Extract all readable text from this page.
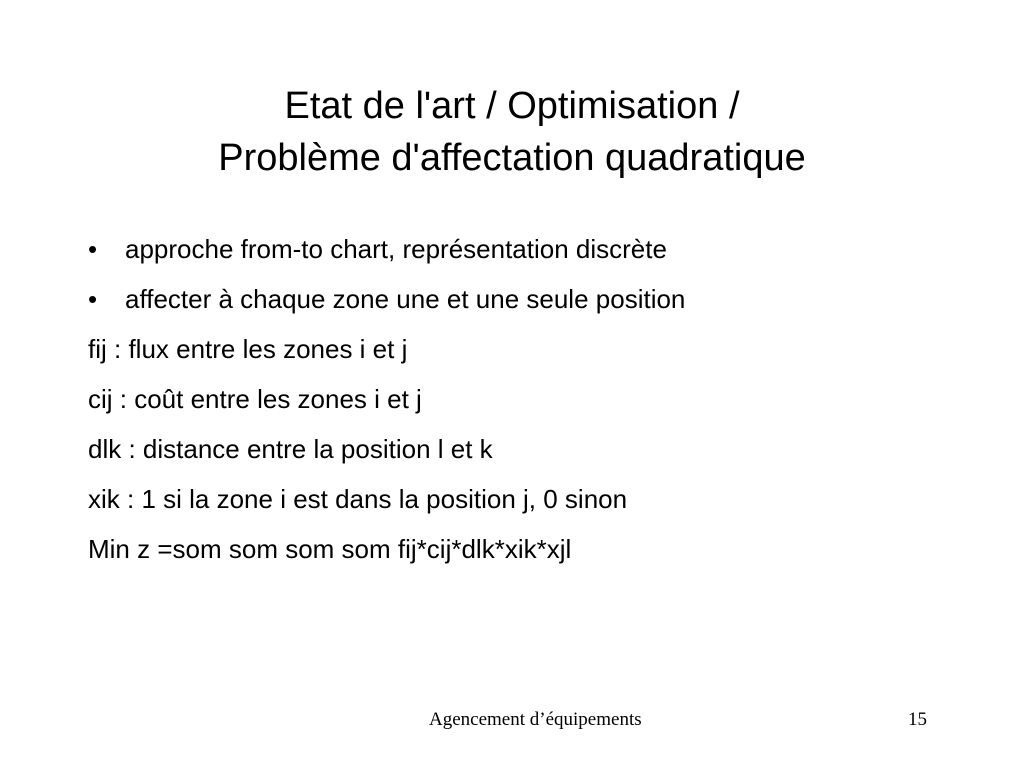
Etat de l'art / Optimisation /
Problème d'affectation quadratique
• approche from-to chart, représentation discrète
• affecter à chaque zone une et une seule position
fij : flux entre les zones i et j
cij : coût entre les zones i et j
dlk : distance entre la position l et k
xik : 1 si la zone i est dans la position j, 0 sinon
Min z =som som som som fij*cij*dlk*xik*xjl
Agencement d’équipements	15
